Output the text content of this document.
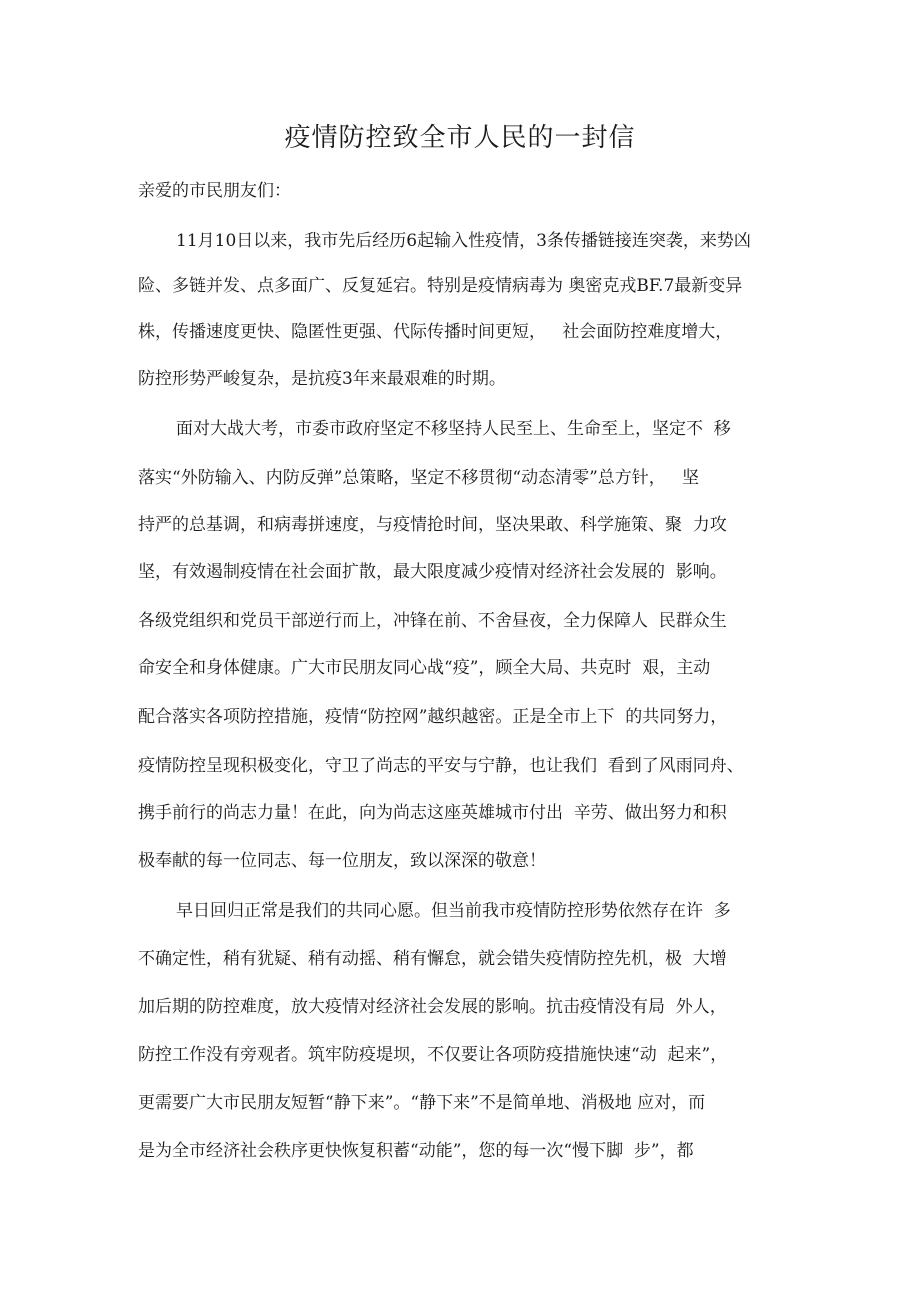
疫情防控致全市人民的一封信
亲爱的市民朋友们：
11月10日以来，我市先后经历6起输入性疫情，3条传播链接连突袭，来势凶
险、多链并发、点多面广、反复延宕。特别是疫情病毒为 奥密克戎BF.7最新变异
株，传播速度更快、隐匿性更强、代际传播时间更短，   社会面防控难度增大，
防控形势严峻复杂，是抗疫3年来最艰难的时期。
面对大战大考，市委市政府坚定不移坚持人民至上、生命至上，坚定不  移
落实“外防输入、内防反弹”总策略，坚定不移贯彻“动态清零”总方针，   坚
持严的总基调，和病毒拼速度，与疫情抢时间，坚决果敢、科学施策、聚  力攻
坚，有效遏制疫情在社会面扩散，最大限度减少疫情对经济社会发展的  影响。
各级党组织和党员干部逆行而上，冲锋在前、不舍昼夜，全力保障人  民群众生
命安全和身体健康。广大市民朋友同心战“疫”，顾全大局、共克时  艰，主动
配合落实各项防控措施，疫情“防控网”越织越密。正是全市上下  的共同努力，
疫情防控呈现积极变化，守卫了尚志的平安与宁静，也让我们  看到了风雨同舟、
携手前行的尚志力量！在此，向为尚志这座英雄城市付出  辛劳、做出努力和积
极奉献的每一位同志、每一位朋友，致以深深的敬意！
早日回归正常是我们的共同心愿。但当前我市疫情防控形势依然存在许  多
不确定性，稍有犹疑、稍有动摇、稍有懈怠，就会错失疫情防控先机，极  大增
加后期的防控难度，放大疫情对经济社会发展的影响。抗击疫情没有局  外人，
防控工作没有旁观者。筑牢防疫堤坝，不仅要让各项防疫措施快速“动  起来”，
更需要广大市民朋友短暂“静下来”。“静下来”不是简单地、消极地 应对，而
是为全市经济社会秩序更快恢复积蓄“动能”，您的每一次“慢下脚  步”，都
